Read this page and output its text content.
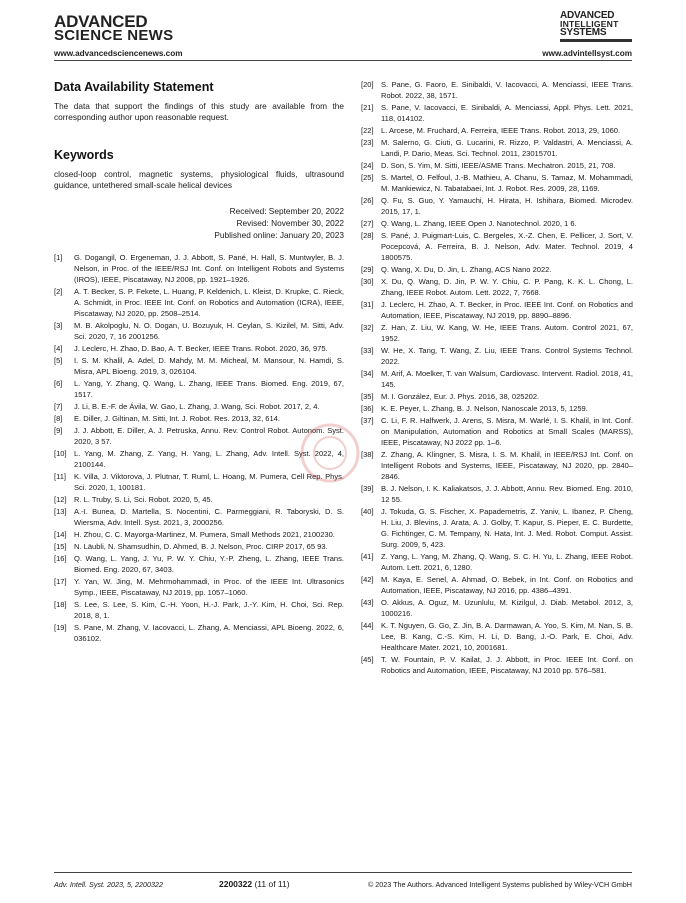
ADVANCED
SCIENCE NEWS
www.advancedsciencenews.com
ADVANCED
INTELLIGENT
SYSTEMS
www.advintellsyst.com
Data Availability Statement

The data that support the findings of this study are available from the corresponding author upon reasonable request.

Keywords

closed-loop control, magnetic systems, physiological fluids, ultrasound guidance, untethered small-scale helical devices

Received: September 20, 2022
Revised: November 30, 2022
Published online: January 20, 2023
[1] G. Dogangil, O. Ergeneman, J. J. Abbott, S. Pané, H. Hall, S. Muntwyler, B. J. Nelson, in Proc. of the IEEE/RSJ Int. Conf. on Intelligent Robots and Systems (IROS), IEEE, Piscataway, NJ 2008, pp. 1921–1926.
[2] A. T. Becker, S. P. Fekete, L. Huang, P. Keldenich, L. Kleist, D. Krupke, C. Rieck, A. Schmidt, in Proc. IEEE Int. Conf. on Robotics and Automation (ICRA), IEEE, Piscataway, NJ 2020, pp. 2508–2514.
[3] M. B. Akolpoglu, N. O. Dogan, U. Bozuyuk, H. Ceylan, S. Kizilel, M. Sitti, Adv. Sci. 2020, 7, 16 2001256.
[4] J. Leclerc, H. Zhao, D. Bao, A. T. Becker, IEEE Trans. Robot. 2020, 36, 975.
[5] I. S. M. Khalil, A. Adel, D. Mahdy, M. M. Micheal, M. Mansour, N. Hamdi, S. Misra, APL Bioeng. 2019, 3, 026104.
[6] L. Yang, Y. Zhang, Q. Wang, L. Zhang, IEEE Trans. Biomed. Eng. 2019, 67, 1517.
[7] J. Li, B. E.-F. de Ávila, W. Gao, L. Zhang, J. Wang, Sci. Robot. 2017, 2, 4.
[8] E. Diller, J. Giltinan, M. Sitti, Int. J. Robot. Res. 2013, 32, 614.
[9] J. J. Abbott, E. Diller, A. J. Petruska, Annu. Rev. Control Robot. Autonom. Syst. 2020, 3 57.
[10] L. Yang, M. Zhang, Z. Yang, H. Yang, L. Zhang, Adv. Intell. Syst. 2022, 4, 2100144.
[11] K. Villa, J. Viktorova, J. Plutnar, T. Ruml, L. Hoang, M. Pumera, Cell Rep. Phys. Sci. 2020, 1, 100181.
[12] R. L. Truby, S. Li, Sci. Robot. 2020, 5, 45.
[13] A.-I. Bunea, D. Martella, S. Nocentini, C. Parmeggiani, R. Taboryski, D. S. Wiersma, Adv. Intell. Syst. 2021, 3, 2000256.
[14] H. Zhou, C. C. Mayorga-Martinez, M. Pumera, Small Methods 2021, 2100230.
[15] N. Läubli, N. Shamsudhin, D. Ahmed, B. J. Nelson, Proc. CIRP 2017, 65 93.
[16] Q. Wang, L. Yang, J. Yu, P. W. Y. Chiu, Y.-P. Zheng, L. Zhang, IEEE Trans. Biomed. Eng. 2020, 67, 3403.
[17] Y. Yan, W. Jing, M. Mehrmohammadi, in Proc. of the IEEE Int. Ultrasonics Symp., IEEE, Piscataway, NJ 2019, pp. 1057–1060.
[18] S. Lee, S. Lee, S. Kim, C.-H. Yoon, H.-J. Park, J.-Y. Kim, H. Choi, Sci. Rep. 2018, 8, 1.
[19] S. Pane, M. Zhang, V. Iacovacci, L. Zhang, A. Menciassi, APL Bioeng. 2022, 6, 036102.
[20] S. Pane, G. Faoro, E. Sinibaldi, V. Iacovacci, A. Menciassi, IEEE Trans. Robot. 2022, 38, 1571.
[21] S. Pane, V. Iacovacci, E. Sinibaldi, A. Menciassi, Appl. Phys. Lett. 2021, 118, 014102.
[22] L. Arcese, M. Fruchard, A. Ferreira, IEEE Trans. Robot. 2013, 29, 1060.
[23] M. Salerno, G. Ciuti, G. Lucarini, R. Rizzo, P. Valdastri, A. Menciassi, A. Landi, P. Dario, Meas. Sci. Technol. 2011, 23015701.
[24] D. Son, S. Yim, M. Sitti, IEEE/ASME Trans. Mechatron. 2015, 21, 708.
[25] S. Martel, O. Felfoul, J.-B. Mathieu, A. Chanu, S. Tamaz, M. Mohammadi, M. Mankiewicz, N. Tabatabaei, Int. J. Robot. Res. 2009, 28, 1169.
[26] Q. Fu, S. Guo, Y. Yamauchi, H. Hirata, H. Ishihara, Biomed. Microdev. 2015, 17, 1.
[27] Q. Wang, L. Zhang, IEEE Open J. Nanotechnol. 2020, 1 6.
[28] S. Pané, J. Puigmart-Luis, C. Bergeles, X.-Z. Chen, E. Pellicer, J. Sort, V. Pocepcová, A. Ferreira, B. J. Nelson, Adv. Mater. Technol. 2019, 4 1800575.
[29] Q. Wang, X. Du, D. Jin, L. Zhang, ACS Nano 2022.
[30] X. Du, Q. Wang, D. Jin, P. W. Y. Chiu, C. P. Pang, K. K. L. Chong, L. Zhang, IEEE Robot. Autom. Lett. 2022, 7, 7668.
[31] J. Leclerc, H. Zhao, A. T. Becker, in Proc. IEEE Int. Conf. on Robotics and Automation, IEEE, Piscataway, NJ 2019, pp. 8890–8896.
[32] Z. Han, Z. Liu, W. Kang, W. He, IEEE Trans. Autom. Control 2021, 67, 1952.
[33] W. He, X. Tang, T. Wang, Z. Liu, IEEE Trans. Control Systems Technol. 2022.
[34] M. Arif, A. Moelker, T. van Walsum, Cardiovasc. Intervent. Radiol. 2018, 41, 145.
[35] M. I. González, Eur. J. Phys. 2016, 38, 025202.
[36] K. E. Peyer, L. Zhang, B. J. Nelson, Nanoscale 2013, 5, 1259.
[37] C. Li, F. R. Halfwerk, J. Arens, S. Misra, M. Warlé, I. S. Khalil, in Int. Conf. on Manipulation, Automation and Robotics at Small Scales (MARSS), IEEE, Piscataway, NJ 2022 pp. 1–6.
[38] Z. Zhang, A. Klingner, S. Misra, I. S. M. Khalil, in IEEE/RSJ Int. Conf. on Intelligent Robots and Systems, IEEE, Piscataway, NJ 2020, pp. 2840–2846.
[39] B. J. Nelson, I. K. Kaliakatsos, J. J. Abbott, Annu. Rev. Biomed. Eng. 2010, 12 55.
[40] J. Tokuda, G. S. Fischer, X. Papademetris, Z. Yaniv, L. Ibanez, P. Cheng, H. Liu, J. Blevins, J. Arata, A. J. Golby, T. Kapur, S. Pieper, E. C. Burdette, G. Fichtinger, C. M. Tempany, N. Hata, Int. J. Med. Robot. Comput. Assist. Surg. 2009, 5, 423.
[41] Z. Yang, L. Yang, M. Zhang, Q. Wang, S. C. H. Yu, L. Zhang, IEEE Robot. Autom. Lett. 2021, 6, 1280.
[42] M. Kaya, E. Senel, A. Ahmad, O. Bebek, in Int. Conf. on Robotics and Automation, IEEE, Piscataway, NJ 2016, pp. 4386–4391.
[43] O. Akkus, A. Oguz, M. Uzunlulu, M. Kizilgul, J. Diab. Metabol. 2012, 3, 1000216.
[44] K. T. Nguyen, G. Go, Z. Jin, B. A. Darmawan, A. Yoo, S. Kim, M. Nan, S. B. Lee, B. Kang, C.-S. Kim, H. Li, D. Bang, J.-O. Park, E. Choi, Adv. Healthcare Mater. 2021, 10, 2001681.
[45] T. W. Fountain, P. V. Kailat, J. J. Abbott, in Proc. IEEE Int. Conf. on Robotics and Automation, IEEE, Piscataway, NJ 2010 pp. 576–581.
Adv. Intell. Syst. 2023, 5, 2200322	2200322 (11 of 11)	© 2023 The Authors. Advanced Intelligent Systems published by Wiley-VCH GmbH
